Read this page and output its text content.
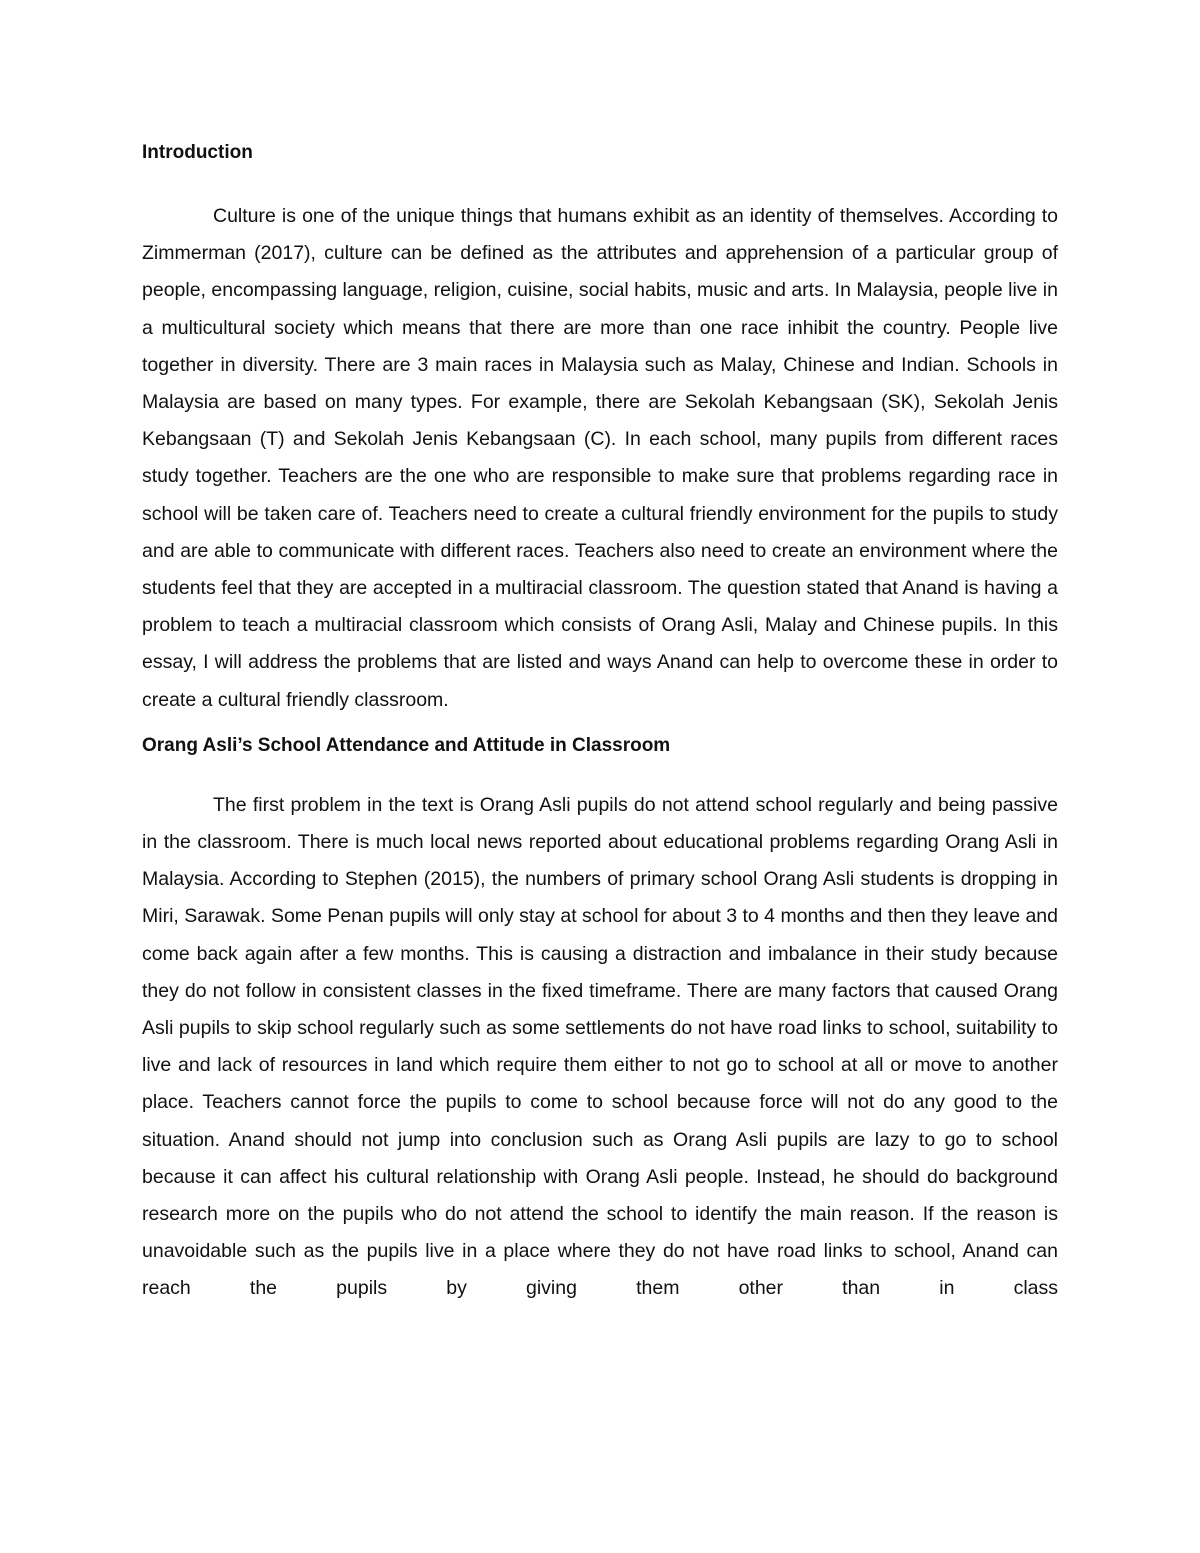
Introduction

Culture is one of the unique things that humans exhibit as an identity of themselves. According to Zimmerman (2017), culture can be defined as the attributes and apprehension of a particular group of people, encompassing language, religion, cuisine, social habits, music and arts. In Malaysia, people live in a multicultural society which means that there are more than one race inhibit the country. People live together in diversity. There are 3 main races in Malaysia such as Malay, Chinese and Indian. Schools in Malaysia are based on many types. For example, there are Sekolah Kebangsaan (SK), Sekolah Jenis Kebangsaan (T) and Sekolah Jenis Kebangsaan (C). In each school, many pupils from different races study together. Teachers are the one who are responsible to make sure that problems regarding race in school will be taken care of. Teachers need to create a cultural friendly environment for the pupils to study and are able to communicate with different races. Teachers also need to create an environment where the students feel that they are accepted in a multiracial classroom. The question stated that Anand is having a problem to teach a multiracial classroom which consists of Orang Asli, Malay and Chinese pupils. In this essay, I will address the problems that are listed and ways Anand can help to overcome these in order to create a cultural friendly classroom.

Orang Asli’s School Attendance and Attitude in Classroom

The first problem in the text is Orang Asli pupils do not attend school regularly and being passive in the classroom. There is much local news reported about educational problems regarding Orang Asli in Malaysia. According to Stephen (2015), the numbers of primary school Orang Asli students is dropping in Miri, Sarawak. Some Penan pupils will only stay at school for about 3 to 4 months and then they leave and come back again after a few months. This is causing a distraction and imbalance in their study because they do not follow in consistent classes in the fixed timeframe. There are many factors that caused Orang Asli pupils to skip school regularly such as some settlements do not have road links to school, suitability to live and lack of resources in land which require them either to not go to school at all or move to another place. Teachers cannot force the pupils to come to school because force will not do any good to the situation. Anand should not jump into conclusion such as Orang Asli pupils are lazy to go to school because it can affect his cultural relationship with Orang Asli people. Instead, he should do background research more on the pupils who do not attend the school to identify the main reason. If the reason is unavoidable such as the pupils live in a place where they do not have road links to school, Anand can reach the pupils by giving them other than in class
